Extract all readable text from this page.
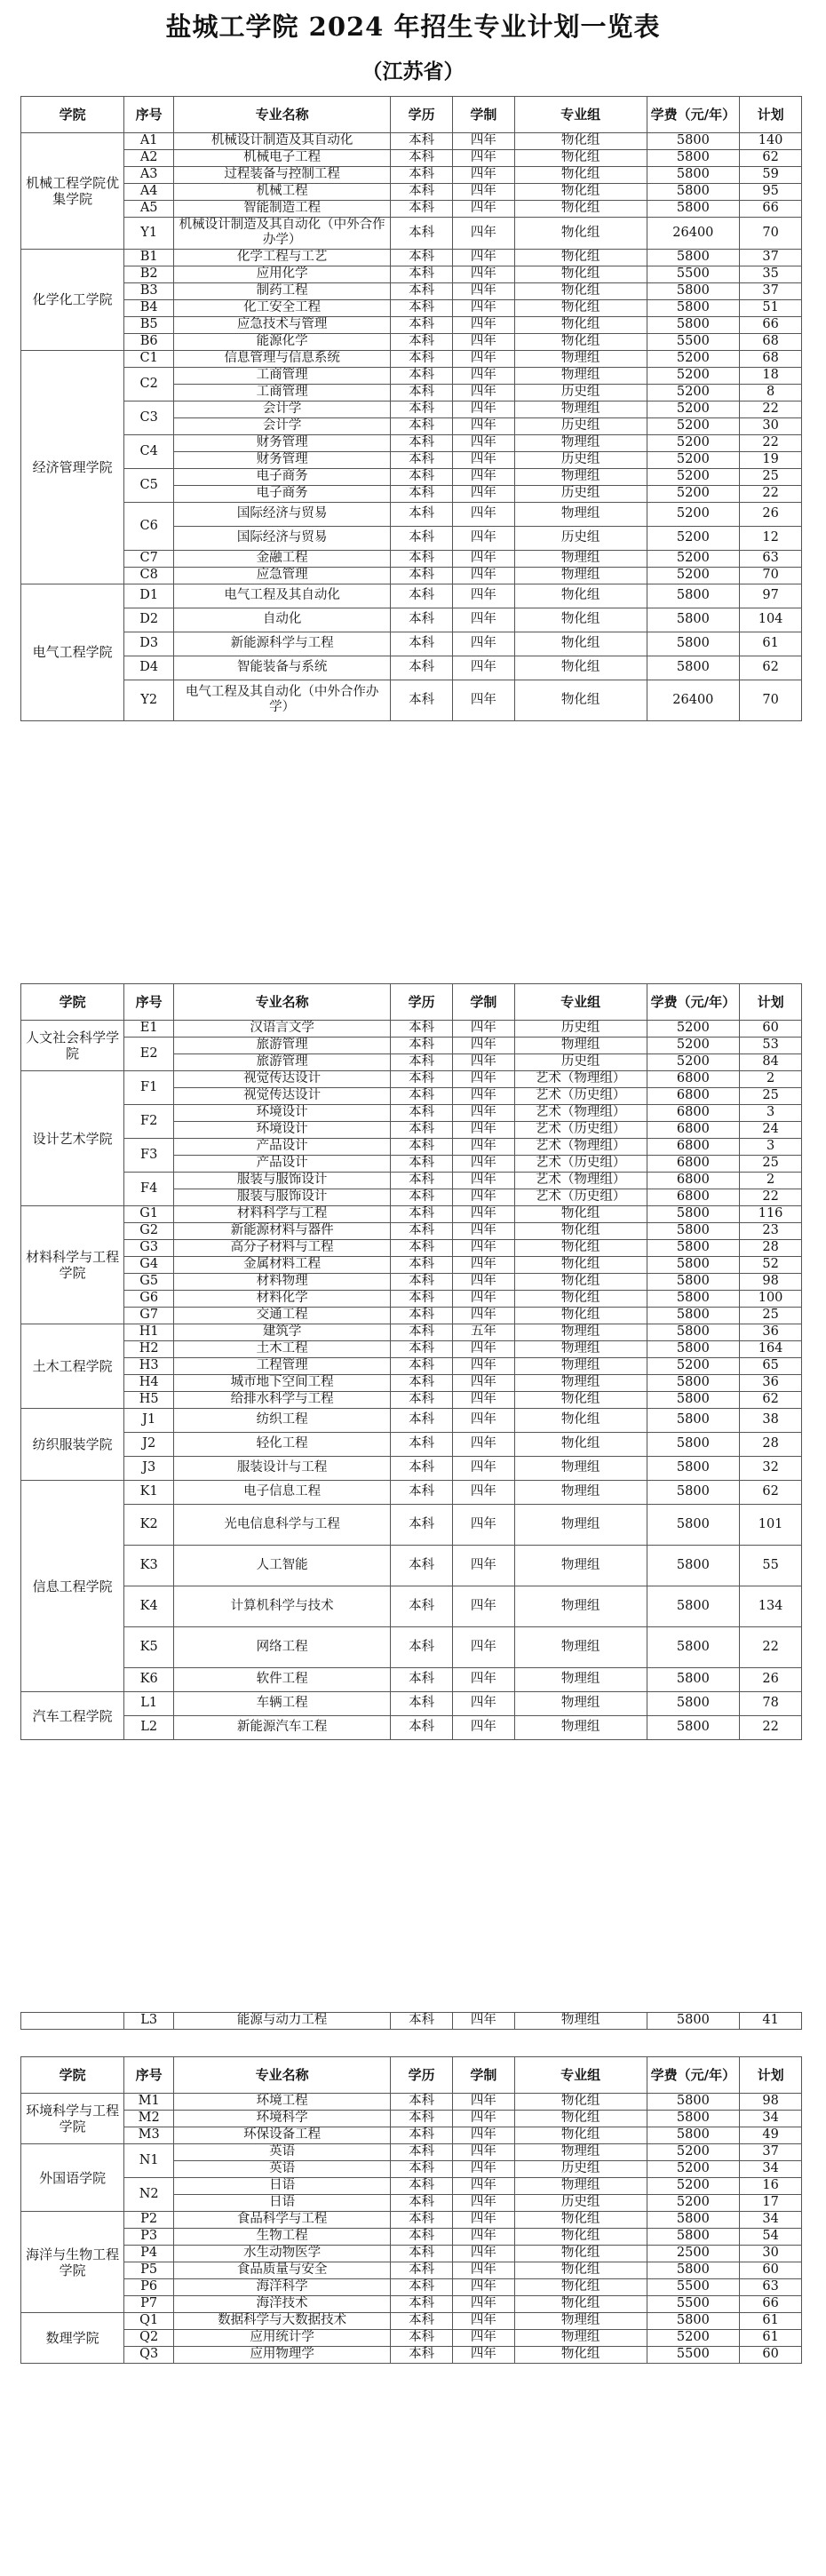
盐城工学院 2024 年招生专业计划一览表
（江苏省）
学院	序号	专业名称	学历	学制	专业组	学费（元/年）	计划
机械工程学院优集学院	A1	机械设计制造及其自动化	本科	四年	物化组	5800	140
	A2	机械电子工程	本科	四年	物化组	5800	62
	A3	过程装备与控制工程	本科	四年	物化组	5800	59
	A4	机械工程	本科	四年	物化组	5800	95
	A5	智能制造工程	本科	四年	物化组	5800	66
	Y1	机械设计制造及其自动化（中外合作办学）	本科	四年	物化组	26400	70
化学化工学院	B1	化学工程与工艺	本科	四年	物化组	5800	37
	B2	应用化学	本科	四年	物化组	5500	35
	B3	制药工程	本科	四年	物化组	5800	37
	B4	化工安全工程	本科	四年	物化组	5800	51
	B5	应急技术与管理	本科	四年	物化组	5800	66
	B6	能源化学	本科	四年	物化组	5500	68
经济管理学院	C1	信息管理与信息系统	本科	四年	物理组	5200	68
	C2	工商管理	本科	四年	物理组	5200	18
		工商管理	本科	四年	历史组	5200	8
	C3	会计学	本科	四年	物理组	5200	22
		会计学	本科	四年	历史组	5200	30
	C4	财务管理	本科	四年	物理组	5200	22
		财务管理	本科	四年	历史组	5200	19
	C5	电子商务	本科	四年	物理组	5200	25
		电子商务	本科	四年	历史组	5200	22
	C6	国际经济与贸易	本科	四年	物理组	5200	26
		国际经济与贸易	本科	四年	历史组	5200	12
	C7	金融工程	本科	四年	物理组	5200	63
	C8	应急管理	本科	四年	物理组	5200	70
电气工程学院	D1	电气工程及其自动化	本科	四年	物化组	5800	97
	D2	自动化	本科	四年	物化组	5800	104
	D3	新能源科学与工程	本科	四年	物化组	5800	61
	D4	智能装备与系统	本科	四年	物化组	5800	62
	Y2	电气工程及其自动化（中外合作办学）	本科	四年	物化组	26400	70
学院	序号	专业名称	学历	学制	专业组	学费（元/年）	计划
人文社会科学学院	E1	汉语言文学	本科	四年	历史组	5200	60
	E2	旅游管理	本科	四年	物理组	5200	53
		旅游管理	本科	四年	历史组	5200	84
设计艺术学院	F1	视觉传达设计	本科	四年	艺术（物理组）	6800	2
		视觉传达设计	本科	四年	艺术（历史组）	6800	25
	F2	环境设计	本科	四年	艺术（物理组）	6800	3
		环境设计	本科	四年	艺术（历史组）	6800	24
	F3	产品设计	本科	四年	艺术（物理组）	6800	3
		产品设计	本科	四年	艺术（历史组）	6800	25
	F4	服装与服饰设计	本科	四年	艺术（物理组）	6800	2
		服装与服饰设计	本科	四年	艺术（历史组）	6800	22
材料科学与工程学院	G1	材料科学与工程	本科	四年	物化组	5800	116
	G2	新能源材料与器件	本科	四年	物化组	5800	23
	G3	高分子材料与工程	本科	四年	物化组	5800	28
	G4	金属材料工程	本科	四年	物化组	5800	52
	G5	材料物理	本科	四年	物化组	5800	98
	G6	材料化学	本科	四年	物化组	5800	100
	G7	交通工程	本科	四年	物化组	5800	25
土木工程学院	H1	建筑学	本科	五年	物理组	5800	36
	H2	土木工程	本科	四年	物理组	5800	164
	H3	工程管理	本科	四年	物理组	5200	65
	H4	城市地下空间工程	本科	四年	物理组	5800	36
	H5	给排水科学与工程	本科	四年	物化组	5800	62
纺织服装学院	J1	纺织工程	本科	四年	物化组	5800	38
	J2	轻化工程	本科	四年	物化组	5800	28
	J3	服装设计与工程	本科	四年	物理组	5800	32
信息工程学院	K1	电子信息工程	本科	四年	物理组	5800	62
	K2	光电信息科学与工程	本科	四年	物理组	5800	101
	K3	人工智能	本科	四年	物理组	5800	55
	K4	计算机科学与技术	本科	四年	物理组	5800	134
	K5	网络工程	本科	四年	物理组	5800	22
	K6	软件工程	本科	四年	物理组	5800	26
汽车工程学院	L1	车辆工程	本科	四年	物理组	5800	78
	L2	新能源汽车工程	本科	四年	物理组	5800	22
	L3	能源与动力工程	本科	四年	物理组	5800	41
学院	序号	专业名称	学历	学制	专业组	学费（元/年）	计划
环境科学与工程学院	M1	环境工程	本科	四年	物化组	5800	98
	M2	环境科学	本科	四年	物化组	5800	34
	M3	环保设备工程	本科	四年	物化组	5800	49
外国语学院	N1	英语	本科	四年	物理组	5200	37
		英语	本科	四年	历史组	5200	34
	N2	日语	本科	四年	物理组	5200	16
		日语	本科	四年	历史组	5200	17
海洋与生物工程学院	P2	食品科学与工程	本科	四年	物化组	5800	34
	P3	生物工程	本科	四年	物化组	5800	54
	P4	水生动物医学	本科	四年	物化组	2500	30
	P5	食品质量与安全	本科	四年	物化组	5800	60
	P6	海洋科学	本科	四年	物化组	5500	63
	P7	海洋技术	本科	四年	物化组	5500	66
数理学院	Q1	数据科学与大数据技术	本科	四年	物理组	5800	61
	Q2	应用统计学	本科	四年	物理组	5200	61
	Q3	应用物理学	本科	四年	物化组	5500	60
